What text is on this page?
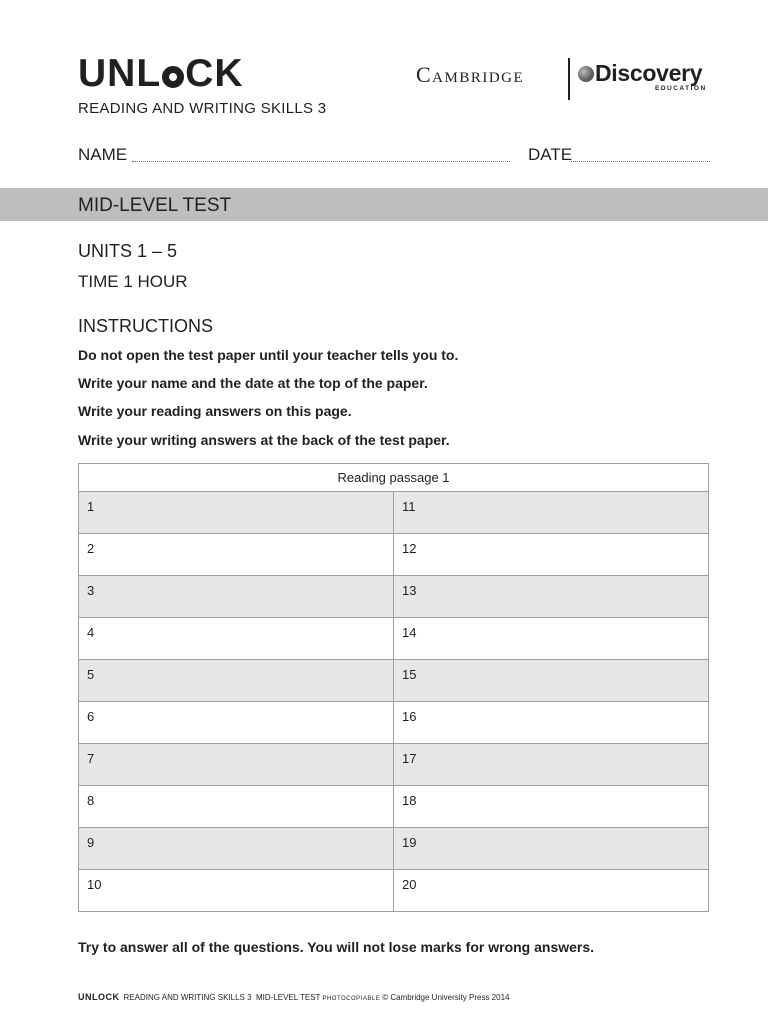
UNL CK
READING AND WRITING SKILLS 3
Cambridge	Discovery
EDUCATION
NAME	DATE
MID-LEVEL TEST
UNITS 1 – 5
TIME 1 HOUR
INSTRUCTIONS
Do not open the test paper until your teacher tells you to.
Write your name and the date at the top of the paper.
Write your reading answers on this page.
Write your writing answers at the back of the test paper.
Reading passage 1	
1	11
2	12
3	13
4	14
5	15
6	16
7	17
8	18
9	19
10	20
Try to answer all of the questions. You will not lose marks for wrong answers.
UNLOCK READING AND WRITING SKILLS 3
MID-LEVEL TEST PHOTOCOPIABLE © Cambridge University Press 2014
